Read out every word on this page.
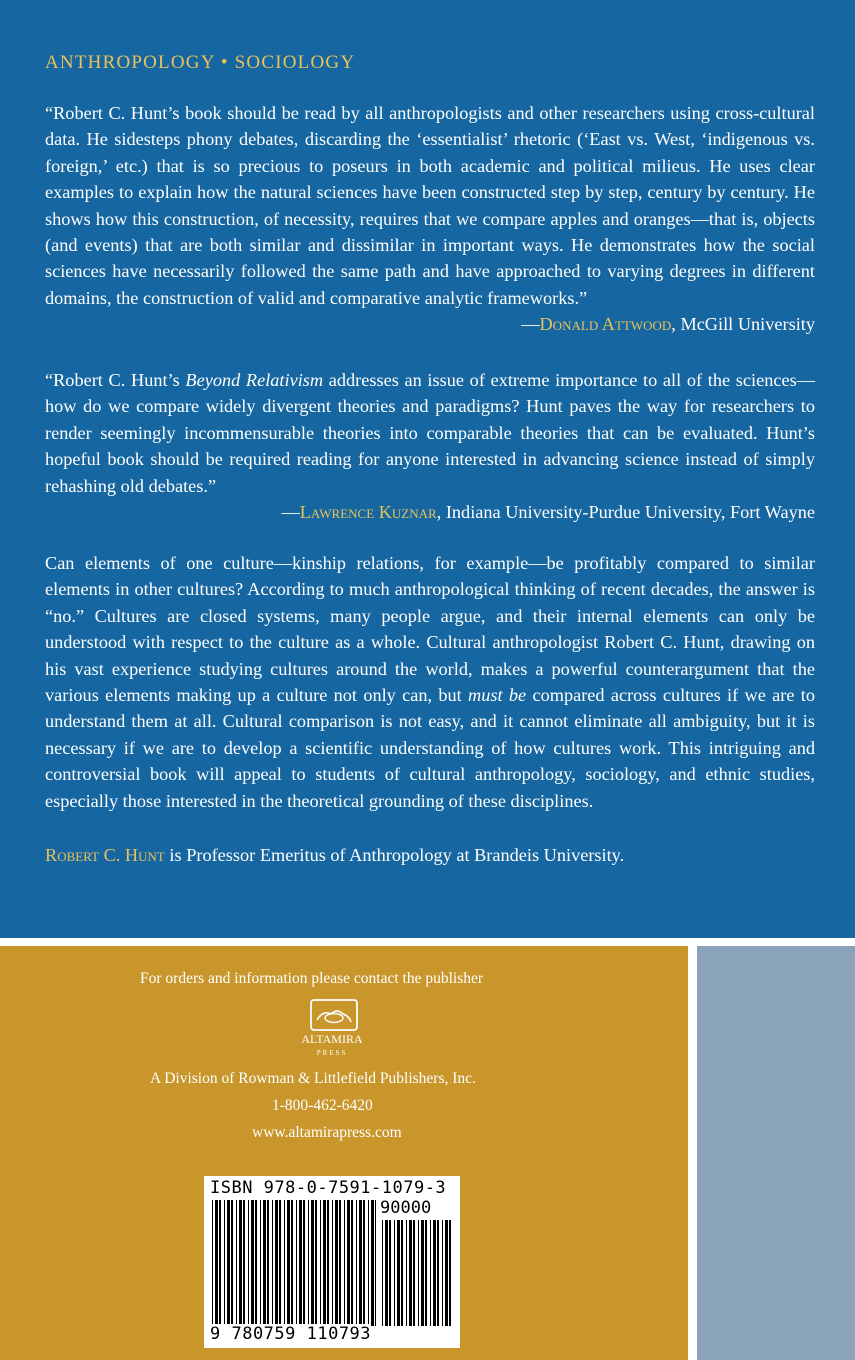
ANTHROPOLOGY • SOCIOLOGY

“Robert C. Hunt’s book should be read by all anthropologists and other researchers using cross-cultural data. He sidesteps phony debates, discarding the ‘essentialist’ rhetoric (‘East vs. West, ‘indigenous vs. foreign,’ etc.) that is so precious to poseurs in both academic and political milieus. He uses clear examples to explain how the natural sciences have been constructed step by step, century by century. He shows how this construction, of necessity, requires that we compare apples and oranges—that is, objects (and events) that are both similar and dissimilar in important ways. He demonstrates how the social sciences have necessarily followed the same path and have approached to varying degrees in different domains, the construction of valid and comparative analytic frameworks.”

—Donald Attwood, McGill University

“Robert C. Hunt’s Beyond Relativism addresses an issue of extreme importance to all of the sciences—how do we compare widely divergent theories and paradigms? Hunt paves the way for researchers to render seemingly incommensurable theories into comparable theories that can be evaluated. Hunt’s hopeful book should be required reading for anyone interested in advancing science instead of simply rehashing old debates.”

—Lawrence Kuznar, Indiana University-Purdue University, Fort Wayne

Can elements of one culture—kinship relations, for example—be profitably compared to similar elements in other cultures? According to much anthropological thinking of recent decades, the answer is “no.” Cultures are closed systems, many people argue, and their internal elements can only be understood with respect to the culture as a whole. Cultural anthropologist Robert C. Hunt, drawing on his vast experience studying cultures around the world, makes a powerful counterargument that the various elements making up a culture not only can, but must be compared across cultures if we are to understand them at all. Cultural comparison is not easy, and it cannot eliminate all ambiguity, but it is necessary if we are to develop a scientific understanding of how cultures work. This intriguing and controversial book will appeal to students of cultural anthropology, sociology, and ethnic studies, especially those interested in the theoretical grounding of these disciplines.

Robert C. Hunt is Professor Emeritus of Anthropology at Brandeis University.
For orders and information please contact the publisher
ALTAMIRA
PRESS
A Division of Rowman & Littlefield Publishers, Inc.
1-800-462-6420
www.altamirapress.com
ISBN 978-0-7591-1079-3
90000
9 780759 110793
